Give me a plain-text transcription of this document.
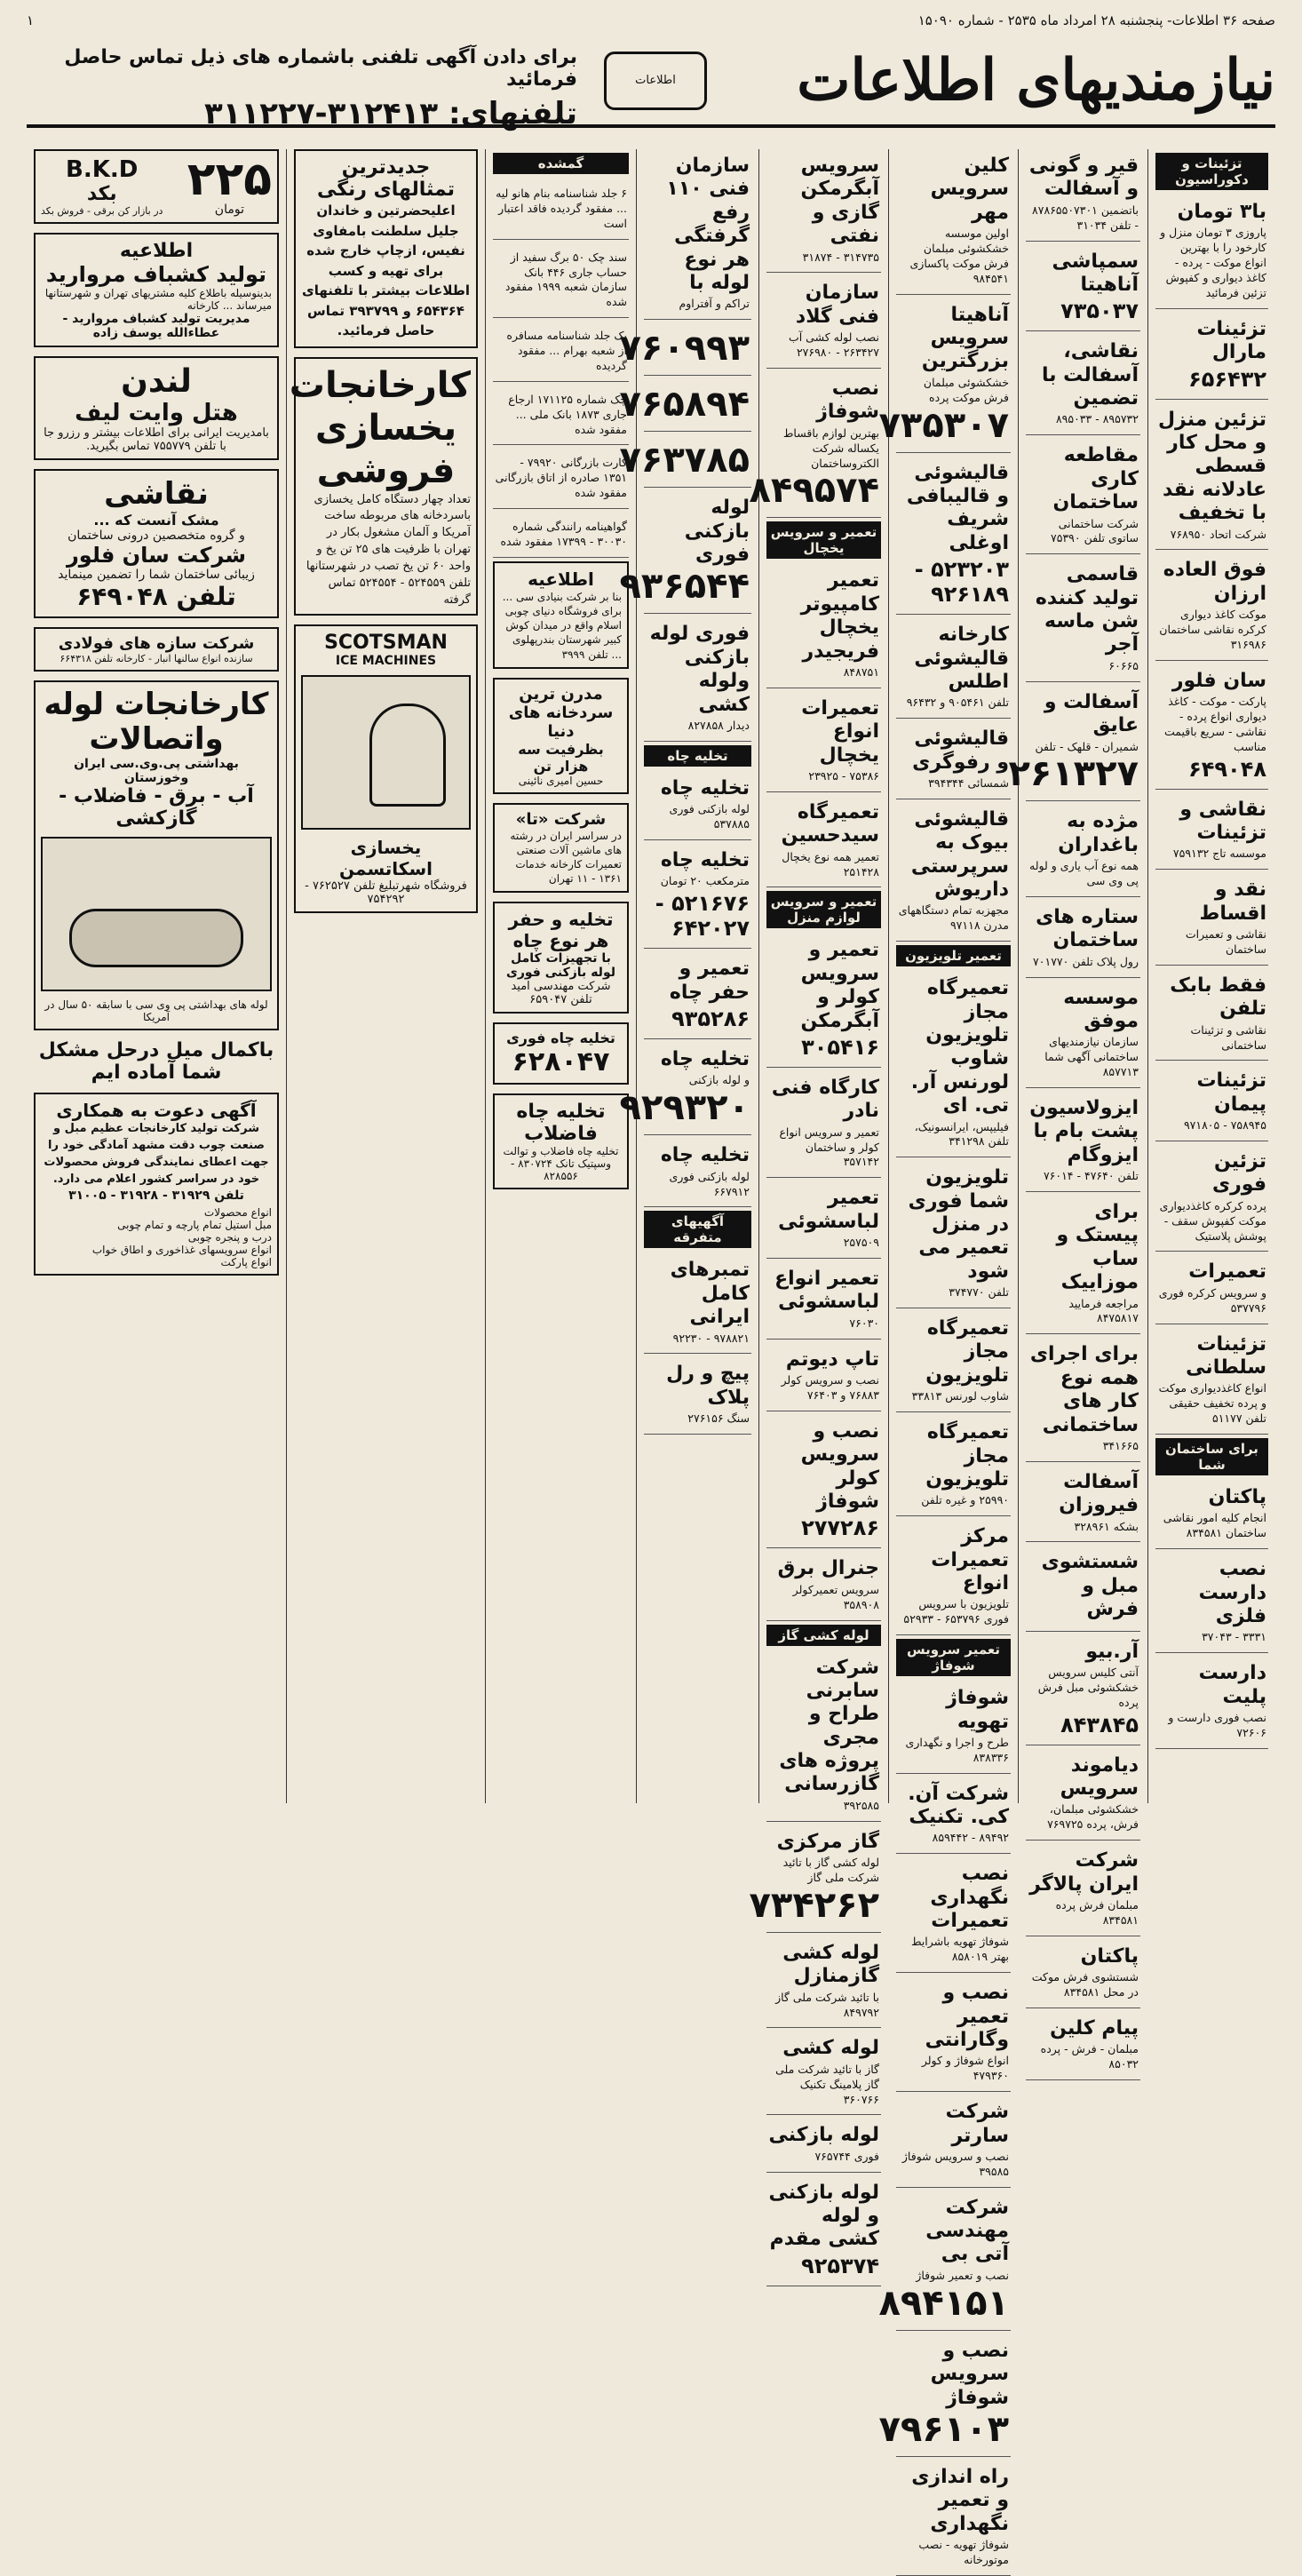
صفحه ۳۶ اطلاعات- پنجشنبه ۲۸ امرداد ماه ۲۵۳۵ - شماره ۱۵۰۹۰
۱
نیازمندیهای اطلاعات
اطلاعات
برای دادن آگهی تلفنی باشماره های ذیل تماس حاصل فرمائید
تلفنهای: ۳۱۲۴۱۳-۳۱۱۲۲۷
تزئینات و دکوراسیون
با۳ تومان
پاروزی ۳ تومان منزل و کارخود را با بهترین انواع موکت - پرده - کاغذ دیواری و کفپوش تزئین فرمائید
تزئینات مارال
۶۵۶۴۳۲
تزئین منزل و محل کار قسطی عادلانه نقد با تخفیف
شرکت اتحاد ۷۶۸۹۵۰
فوق العاده ارزان
موکت کاغذ دیواری کرکره نقاشی ساختمان ۳۱۶۹۸۶
سان فلور
پارکت - موکت - کاغذ دیواری انواع پرده - نقاشی - سریع باقیمت مناسب
۶۴۹۰۴۸
نقاشی و تزئینات
موسسه تاج ۷۵۹۱۳۲
نقد و اقساط
نقاشی و تعمیرات ساختمان
فقط بابک تلفن
نقاشی و تزئینات ساختمانی
تزئینات پیمان
۷۵۸۹۴۵ - ۹۷۱۸۰۵
تزئین فوری
پرده کرکره کاغذدیواری موکت کفپوش سقف - پوشش پلاستیک
تعمیرات
و سرویس کرکره فوری ۵۳۷۷۹۶
تزئینات سلطانی
انواع کاغذدیواری موکت و پرده تخفیف حقیقی تلفن ۵۱۱۷۷
برای ساختمان شما
پاکتان
انجام کلیه امور نقاشی ساختمان ۸۳۴۵۸۱
نصب دارست فلزی
۳۳۳۱ - ۳۷۰۴۳
دارست پلیت
نصب فوری دارست و ۷۲۶۰۶
قیر و گونی و آسفالت
باتضمین ۸۷۸۶۵۵۰۷۳۰۱ - تلفن ۳۱۰۳۴
سمپاشی آناهیتا
۷۳۵۰۳۷
نقاشی، آسفالت با تضمین
۸۹۵۷۳۲ - ۸۹۵۰۳۳
مقاطعه کاری ساختمان
شرکت ساختمانی ساتوی تلفن ۷۵۳۹۰
قاسمی تولید کننده شن ماسه آجر
۶۰۶۶۵
آسفالت و عایق
شمیران - قلهک - تلفن
۲۶۱۳۲۷
مژده به باغداران
همه نوع آب یاری و لوله پی وی سی
ستاره های ساختمان
رول پلاک تلفن ۷۰۱۷۷۰
موسسه موفق
سازمان نیازمندیهای ساختمانی آگهی شما ۸۵۷۷۱۳
ایزولاسیون پشت بام با ایزوگام
تلفن ۴۷۶۴۰ - ۷۶۰۱۴
برای پیستک و ساب موزاییک
مراجعه فرمایید ۸۴۷۵۸۱۷
برای اجرای همه نوع کار های ساختمانی
۳۴۱۶۶۵
آسفالت فیروزان
بشکه ۳۲۸۹۶۱
شستشوی مبل و فرش
آر.بیو
آنتی کلیس سرویس خشکشوئی مبل فرش پرده
۸۴۳۸۴۵
دیاموند سرویس
خشکشوئی مبلمان، فرش، پرده ۷۶۹۷۲۵
شرکت ایران پالاگر
مبلمان فرش پرده ۸۳۴۵۸۱
پاکتان
شستشوی فرش موکت در محل ۸۳۴۵۸۱
پیام کلین
مبلمان - فرش - پرده ۸۵۰۳۲
کلین سرویس مهر
اولین موسسه خشکشوئی مبلمان فرش موکت پاکسازی ۹۸۴۵۴۱
آناهیتا سرویس بزرگترین
خشکشوئی مبلمان فرش موکت پرده
۷۳۵۳۰۷
قالیشوئی و قالیبافی شریف اوغلی
۵۲۳۲۰۳ - ۹۲۶۱۸۹
کارخانه قالیشوئی اطلس
تلفن ۹۰۵۴۶۱ و ۹۶۴۳۲
قالیشوئی و رفوگری
شمسائی ۳۹۴۳۴۴
قالیشوئی بیوک به سرپرستی داریوش
مجهزبه تمام دستگاههای مدرن ۹۷۱۱۸
تعمیر تلویزیون
تعمیرگاه مجاز تلویزیون شاوب لورنس آر. تی. ای
فیلیپس، ایرانسونیک، تلفن ۳۴۱۲۹۸
تلویزیون شما فوری در منزل تعمیر می شود
تلفن ۳۷۴۷۷۰
تعمیرگاه مجاز تلویزیون
شاوب لورنس ۳۳۸۱۳
تعمیرگاه مجاز تلویزیون
۲۵۹۹۰ و غیره تلفن
مرکز تعمیرات انواع
تلویزیون با سرویس فوری ۶۵۳۷۹۶ - ۵۲۹۳۳
تعمیر سرویس شوفاژ
شوفاژ تهویه
طرح و اجرا و نگهداری ۸۳۸۳۳۶
شرکت آن. کی. تکنیک
۸۹۴۹۲ - ۸۵۹۴۴۲
نصب نگهداری تعمیرات
شوفاژ تهویه باشرایط بهتر ۸۵۸۰۱۹
نصب و تعمیر وگارانتی
انواع شوفاژ و کولر ۴۷۹۳۶۰
شرکت سارتر
نصب و سرویس شوفاژ ۳۹۵۸۵
شرکت مهندسی آتی بی
نصب و تعمیر شوفاژ
۸۹۴۱۵۱
نصب و سرویس شوفاژ
۷۹۶۱۰۳
راه اندازی و تعمیر نگهداری
شوفاژ تهویه - نصب موتورخانه
سرویس آبگرمکن گازی و نفتی
۳۱۴۷۳۵ - ۳۱۸۷۴
سازمان فنی گلاد
نصب لوله کشی آب ۲۶۳۴۲۷ - ۲۷۶۹۸۰
نصب شوفاژ
بهترین لوازم باقساط یکساله شرکت الکتروساختمان
۸۴۹۵۷۴
تعمیر و سرویس یخچال
تعمیر کامپیوتر یخچال فریجیدر
۸۴۸۷۵۱
تعمیرات انواع یخچال
۷۵۳۸۶ - ۲۳۹۲۵
تعمیرگاه سیدحسین
تعمیر همه نوع یخچال ۲۵۱۴۲۸
تعمیر و سرویس لوازم منزل
تعمیر و سرویس کولر و آبگرمکن
۳۰۵۴۱۶
کارگاه فنی نادر
تعمیر و سرویس انواع کولر و ساختمان ۳۵۷۱۴۲
تعمیر لباسشوئی
۲۵۷۵۰۹
تعمیر انواع لباسشوئی
۷۶۰۳۰
تاپ دیوتم
نصب و سرویس کولر ۷۶۸۸۳ و ۷۶۴۰۳
نصب و سرویس کولر شوفاژ
۲۷۷۲۸۶
جنرال برق
سرویس تعمیرکولر ۳۵۸۹۰۸
لوله کشی گاز
شرکت سابرنی طراح و مجری پروژه های گازرسانی
۳۹۲۵۸۵
گاز مرکزی
لوله کشی گاز با تائید شرکت ملی گاز
۷۳۴۲۶۲
لوله کشی گازمنازل
با تائید شرکت ملی گاز ۸۴۹۷۹۲
لوله کشی
گاز با تائید شرکت ملی گاز پلامینگ تکنیک ۳۶۰۷۶۶
لوله بازکنی
فوری ۷۶۵۷۴۴
لوله بازکنی و لوله کشی مقدم
۹۲۵۳۷۴
سازمان فنی ۱۱۰ رفع گرفتگی هر نوع لوله با
تراکم و آفتراوم
۷۶۰۹۹۳
۷۶۵۸۹۴
۷۶۳۷۸۵
لوله بازکنی فوری
۹۳۶۵۴۴
فوری لوله بازکنی ولوله کشی
دیدار ۸۲۷۸۵۸
تخلیه چاه
تخلیه چاه
لوله بازکنی فوری ۵۳۷۸۸۵
تخلیه چاه
مترمکعب ۲۰ تومان
۵۲۱۶۷۶ - ۶۴۲۰۲۷
تعمیر و حفر چاه
۹۳۵۲۸۶
تخلیه چاه
و لوله بازکنی
۹۲۹۳۲۰
تخلیه چاه
لوله بازکنی فوری ۶۶۷۹۱۲
آگهیهای متفرقه
تمبرهای کامل ایرانی
۹۷۸۸۲۱ - ۹۲۲۳۰
پیچ و رل پلاک
سنگ ۲۷۶۱۵۶
گمشده
۶ جلد شناسنامه بنام هانو لیه ... مفقود گردیده فاقد اعتبار است
سند چک ۵۰ برگ سفید از حساب جاری ۴۴۶ بانک سازمان شعبه ۱۹۹۹ مفقود شده
یک جلد شناسنامه مسافره از شعبه بهرام ... مفقود گردیده
چک شماره ۱۷۱۱۲۵ ارجاع جاری ۱۸۷۳ بانک ملی ... مفقود شده
کارت بازرگانی ۷۹۹۲۰ - ۱۳۵۱ صادره از اتاق بازرگانی مفقود شده
گواهینامه رانندگی شماره ۳۰۰۳۰ - ۱۷۳۹۹ مفقود شده
اطلاعیه
بنا بر شرکت بنیادی سی ... برای فروشگاه دنیای چوبی اسلام واقع در میدان کوش کبیر شهرستان بندرپهلوی ... تلفن ۳۹۹۹
مدرن ترین سردخانه های دنیا
بظرفیت سه هزار تن
حسین امیری نائینی
شرکت «تا»
در سراسر ایران در رشته های ماشین آلات صنعتی تعمیرات کارخانه خدمات ۱۳۶۱ - ۱۱ تهران
تخلیه و حفر هر نوع چاه
با تجهیزات کامل لوله بازکنی فوری
شرکت مهندسی امید تلفن ۶۵۹۰۴۷
تخلیه چاه فوری
۶۲۸۰۴۷
تخلیه چاه فاضلاب
تخلیه چاه فاضلاب و توالت وسپتیک تانک ۸۳۰۷۲۴ - ۸۲۸۵۵۶
جدیدترین تمثالهای رنگی
اعلیحضرتین و خاندان جلیل سلطنت بامفاوی نفیس، ازچاپ خارج شده برای تهیه و کسب اطلاعات بیشتر با تلفنهای ۶۵۴۳۶۴ و ۳۹۳۷۹۹ تماس حاصل فرمائید.
کارخانجات یخسازی فروشی
تعداد چهار دستگاه کامل یخسازی باسردخانه های مربوطه ساخت آمریکا و آلمان مشغول بکار در تهران با ظرفیت های ۲۵ تن یخ و واحد ۶۰ تن یخ تصب در شهرستانها تلفن ۵۲۴۵۵۹ - ۵۲۴۵۵۴ تماس گرفته
SCOTSMAN
ICE MACHINES
یخسازی اسکاتسمن
فروشگاه شهرتبلیغ تلفن ۷۶۲۵۲۷ - ۷۵۴۲۹۲
۲۲۵
تومان
B.K.D
بکد
در بازار کن برقی - فروش بکد
اطلاعیه
تولید کشباف مروارید
بدینوسیله باطلاع کلیه مشتریهای تهران و شهرستانها میرساند ... کارخانه
مدیریت تولید کشباف مروارید - عطاءالله یوسف زاده
لندن
هتل وایت لیف
بامدیریت ایرانی برای اطلاعات بیشتر و رزرو جا با تلفن ۷۵۵۷۷۹ تماس بگیرید.
نقاشی
مشک آنست که ...
و گروه متخصصین درونی ساختمان
شرکت سان فلور
زیبائی ساختمان شما را تضمین مینماید
تلفن ۶۴۹۰۴۸
شرکت سازه های فولادی
سازنده انواع سالنها انبار - کارخانه تلفن ۶۶۴۳۱۸
کارخانجات لوله واتصالات
بهداشتی پی.وی.سی ایران وخوزستان
آب - برق - فاضلاب - گازکشی
لوله های بهداشتی پی وی سی با سابقه ۵۰ سال در آمریکا
باکمال میل درحل مشکل شما آماده ایم
آگهی دعوت به همکاری
شرکت تولید کارخانجات عظیم مبل و صنعت چوب دقت مشهد آمادگی خود را جهت اعطای نمایندگی فروش محصولات خود در سراسر کشور اعلام می دارد.
تلفن ۳۱۹۲۹ - ۳۱۹۲۸ - ۳۱۰۰۵
انواع محصولات
مبل استیل تمام پارچه و تمام چوبی
درب و پنجره چوبی
انواع سرویسهای غذاخوری و اطاق خواب
انواع پارکت
